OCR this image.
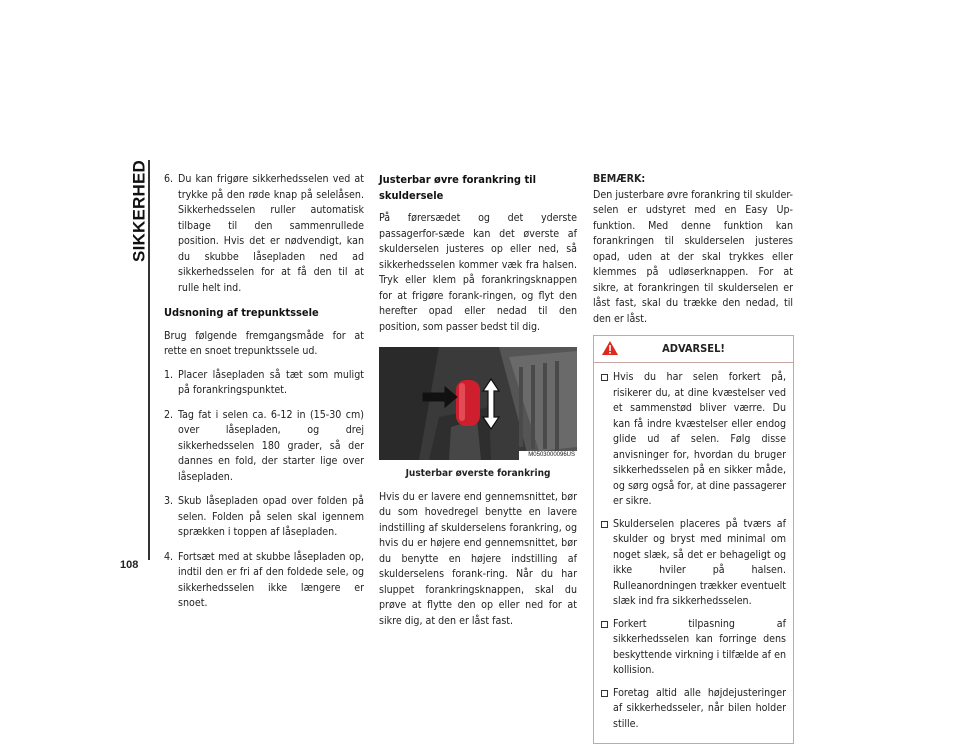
SIKKERHED
108
6. Du kan frigøre sikkerhedsselen ved at trykke på den røde knap på selelåsen. Sikkerhedsselen ruller automatisk tilbage til den sammenrullede position. Hvis det er nødvendigt, kan du skubbe låsepladen ned ad sikkerhedsselen for at få den til at rulle helt ind.
Udsnoning af trepunktssele

Brug følgende fremgangsmåde for at rette en snoet trepunktssele ud.

1. Placer låsepladen så tæt som muligt på forankringspunktet.
2. Tag fat i selen ca. 6-12 in (15-30 cm) over låsepladen, og drej sikkerhedsselen 180 grader, så der dannes en fold, der starter lige over låsepladen.
3. Skub låsepladen opad over folden på selen. Folden på selen skal igennem sprækken i toppen af låsepladen.
4. Fortsæt med at skubbe låsepladen op, indtil den er fri af den foldede sele, og sikkerhedsselen ikke længere er snoet.
Justerbar øvre forankring til skuldersele

På førersædet og det yderste passagerfor-sæde kan det øverste af skulderselen justeres op eller ned, så sikkerhedsselen kommer væk fra halsen. Tryk eller klem på forankringsknappen for at frigøre forank-ringen, og flyt den herefter opad eller nedad til den position, som passer bedst til dig.

M0503000096US
Justerbar øverste forankring

Hvis du er lavere end gennemsnittet, bør du som hovedregel benytte en lavere indstilling af skulderselens forankring, og hvis du er højere end gennemsnittet, bør du benytte en højere indstilling af skulderselens forank-ring. Når du har sluppet forankringsknappen, skal du prøve at flytte den op eller ned for at sikre dig, at den er låst fast.

BEMÆRK:

Den justerbare øvre forankring til skulder-selen er udstyret med en Easy Up-funktion. Med denne funktion kan forankringen til skulderselen justeres opad, uden at der skal trykkes eller klemmes på udløserknappen. For at sikre, at forankringen til skulderselen er låst fast, skal du trække den nedad, til den er låst.

ADVARSEL!
Hvis du har selen forkert på, risikerer du, at dine kvæstelser ved et sammenstød bliver værre. Du kan få indre kvæstelser eller endog glide ud af selen. Følg disse anvisninger for, hvordan du bruger sikkerhedsselen på en sikker måde, og sørg også for, at dine passagerer er sikre.
Skulderselen placeres på tværs af skulder og bryst med minimal om noget slæk, så det er behageligt og ikke hviler på halsen. Rulleanordningen trækker eventuelt slæk ind fra sikkerhedsselen.
Forkert tilpasning af sikkerhedsselen kan forringe dens beskyttende virkning i tilfælde af en kollision.
Foretag altid alle højdejusteringer af sikkerhedsseler, når bilen holder stille.
